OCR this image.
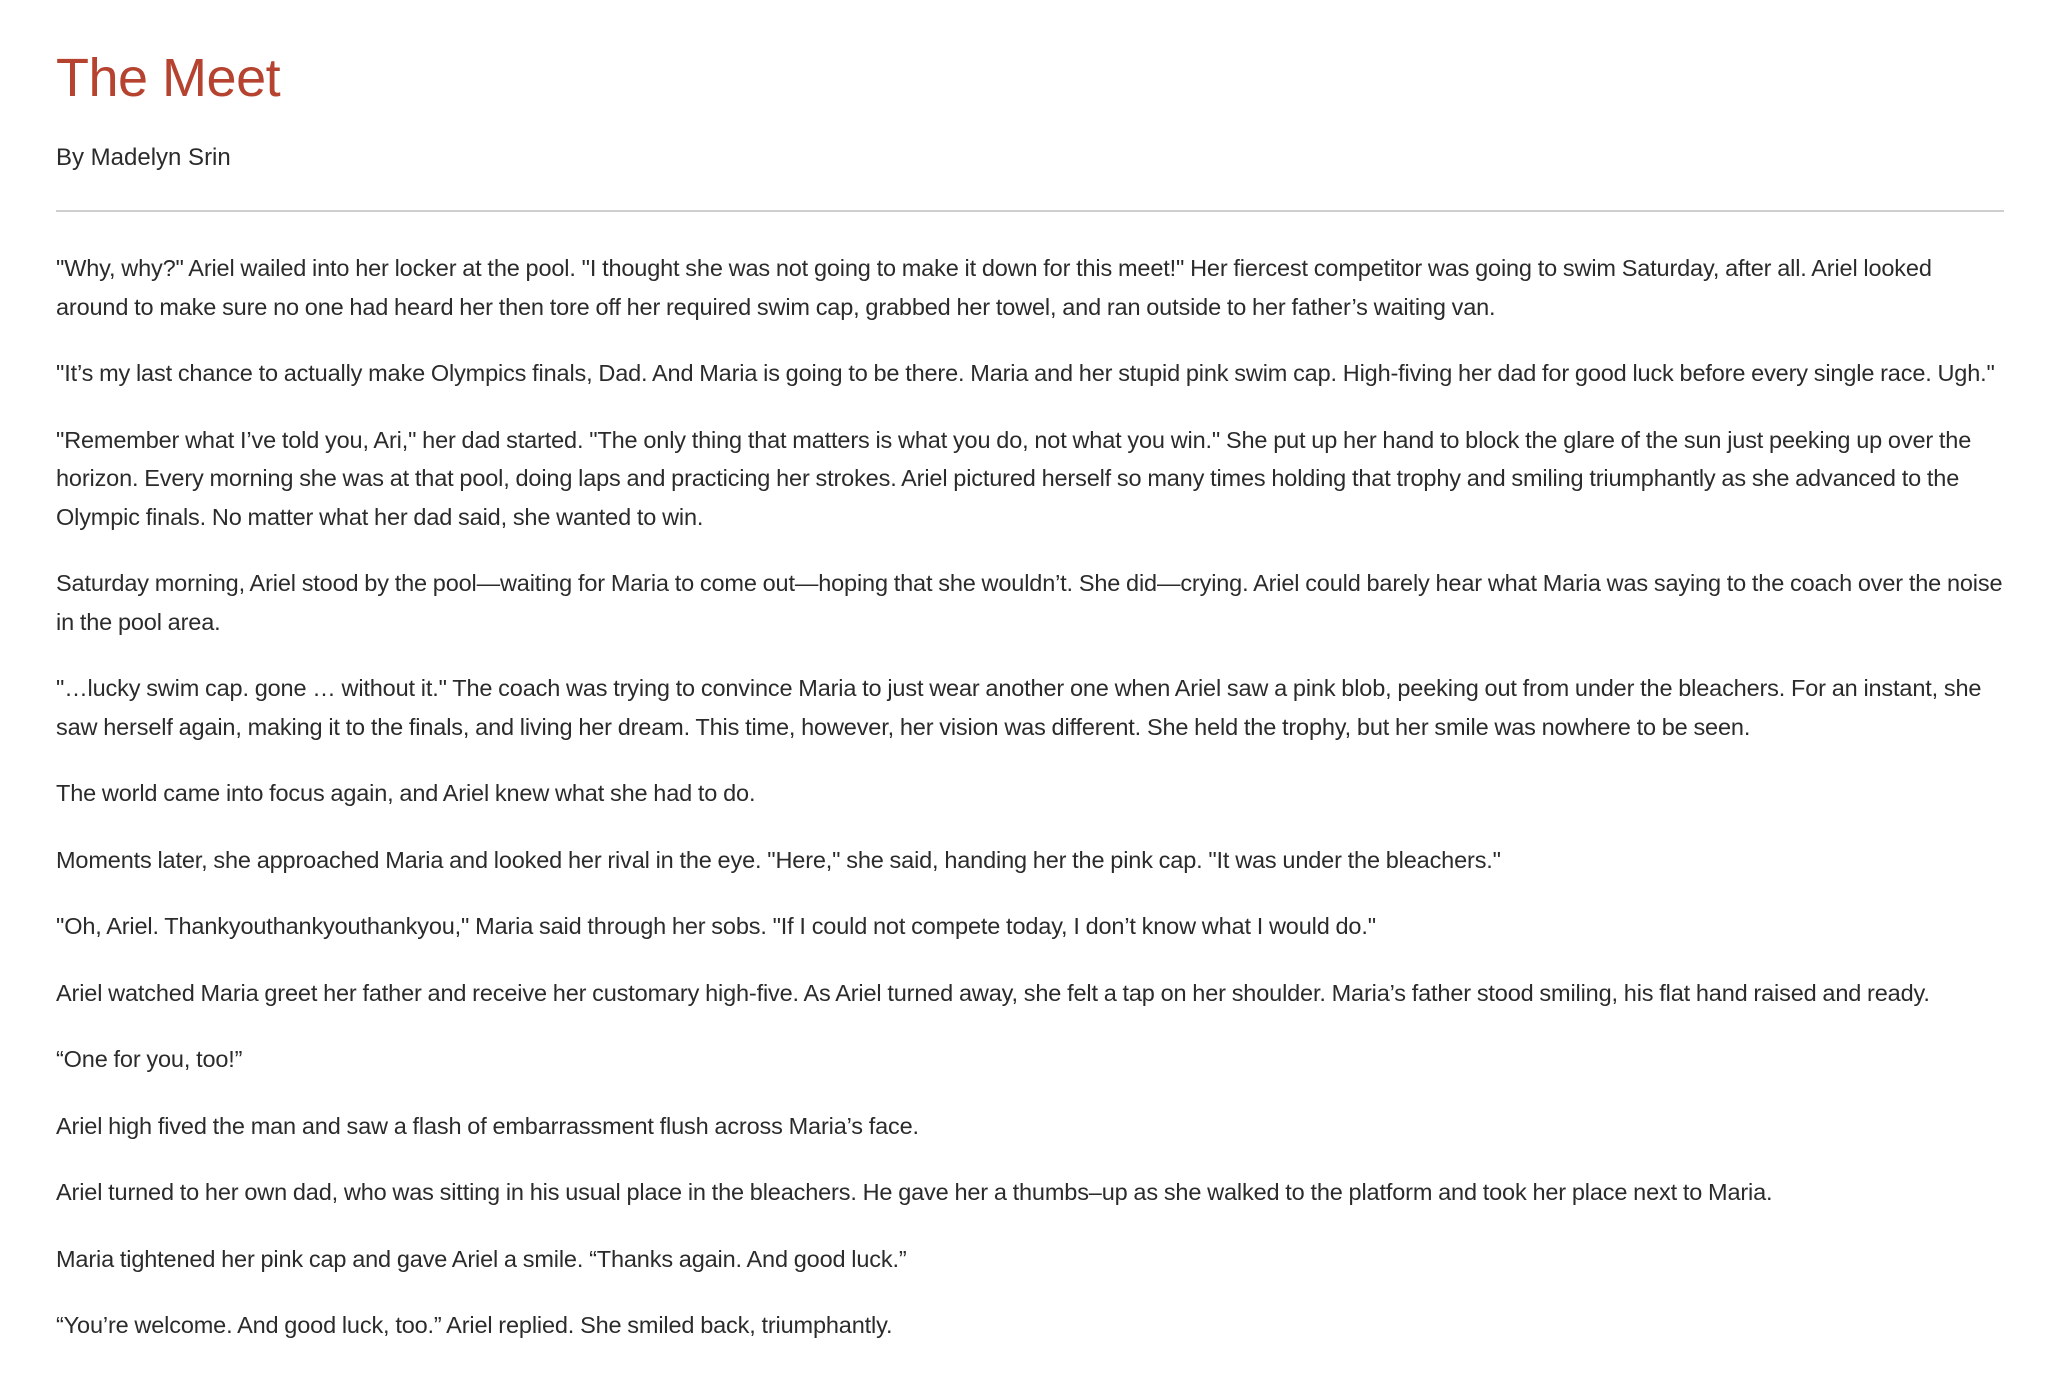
The Meet
By Madelyn Srin

"Why, why?" Ariel wailed into her locker at the pool. "I thought she was not going to make it down for this meet!" Her fiercest competitor was going to swim Saturday, after all. Ariel looked around to make sure no one had heard her then tore off her required swim cap, grabbed her towel, and ran outside to her father’s waiting van.

"It’s my last chance to actually make Olympics finals, Dad. And Maria is going to be there. Maria and her stupid pink swim cap. High-fiving her dad for good luck before every single race. Ugh."

"Remember what I’ve told you, Ari," her dad started. "The only thing that matters is what you do, not what you win." She put up her hand to block the glare of the sun just peeking up over the horizon. Every morning she was at that pool, doing laps and practicing her strokes. Ariel pictured herself so many times holding that trophy and smiling triumphantly as she advanced to the Olympic finals. No matter what her dad said, she wanted to win.

Saturday morning, Ariel stood by the pool—waiting for Maria to come out—hoping that she wouldn’t. She did—crying. Ariel could barely hear what Maria was saying to the coach over the noise in the pool area.

"…lucky swim cap. gone … without it." The coach was trying to convince Maria to just wear another one when Ariel saw a pink blob, peeking out from under the bleachers. For an instant, she saw herself again, making it to the finals, and living her dream. This time, however, her vision was different. She held the trophy, but her smile was nowhere to be seen.

The world came into focus again, and Ariel knew what she had to do.

Moments later, she approached Maria and looked her rival in the eye. "Here," she said, handing her the pink cap. "It was under the bleachers."

"Oh, Ariel. Thankyouthankyouthankyou," Maria said through her sobs. "If I could not compete today, I don’t know what I would do."

Ariel watched Maria greet her father and receive her customary high-five. As Ariel turned away, she felt a tap on her shoulder. Maria’s father stood smiling, his flat hand raised and ready.

“One for you, too!”

Ariel high fived the man and saw a flash of embarrassment flush across Maria’s face.

Ariel turned to her own dad, who was sitting in his usual place in the bleachers. He gave her a thumbs–up as she walked to the platform and took her place next to Maria.

Maria tightened her pink cap and gave Ariel a smile. “Thanks again. And good luck.”

“You’re welcome. And good luck, too.” Ariel replied. She smiled back, triumphantly.
